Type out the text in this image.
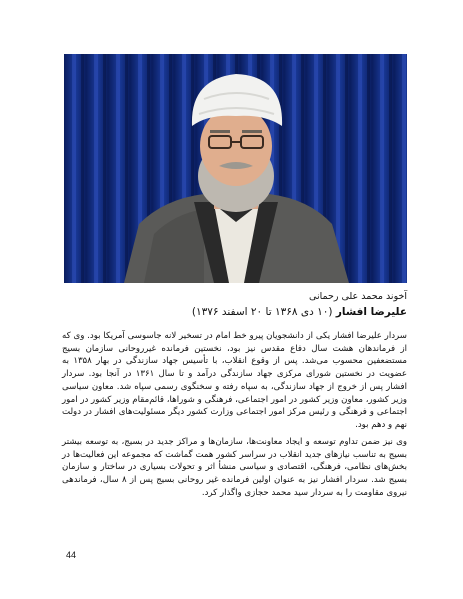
آخوند محمد علی رحمانی
علیرضا افشار (۱۰ دی ۱۳۶۸ تا ۲۰ اسفند ۱۳۷۶)

سردار علیرضا افشار یکی از دانشجویان پیرو خط امام در تسخیر لانه جاسوسی آمریکا بود. وی که از فرماندهان هشت سال دفاع مقدس نیز بود، نخستین فرمانده غیرروحانی سازمان بسیج مستضعفین محسوب می‌شد. پس از وقوع انقلاب، با تأسیس جهاد سازندگی در بهار ۱۳۵۸ به عضویت در نخستین شورای مرکزی جهاد سازندگی درآمد و تا سال ۱۳۶۱ در آنجا بود. سردار افشار پس از خروج از جهاد سازندگی، به سپاه رفته و سخنگوی رسمی سپاه شد. معاون سیاسی وزیر کشور، معاون وزیر کشور در امور اجتماعی، فرهنگی و شوراها، قائم‌مقام وزیر کشور در امور اجتماعی و فرهنگی و رئیس مرکز امور اجتماعی وزارت کشور دیگر مسئولیت‌های افشار در دولت نهم و دهم بود.

وی نیز ضمن تداوم توسعه و ایجاد معاونت‌ها، سازمان‌ها و مراکز جدید در بسیج، به توسعه بیشتر بسیج به تناسب نیازهای جدید انقلاب در سراسر کشور همت گماشت که مجموعه این فعالیت‌ها در بخش‌های نظامی، فرهنگی، اقتصادی و سیاسی منشأ اثر و تحولات بسیاری در ساختار و سازمان بسیج شد. سردار افشار نیز به عنوان اولین فرمانده غیر روحانی بسیج پس از ۸ سال، فرماندهی نیروی مقاومت را به سردار سید محمد حجازی واگذار کرد.

44
